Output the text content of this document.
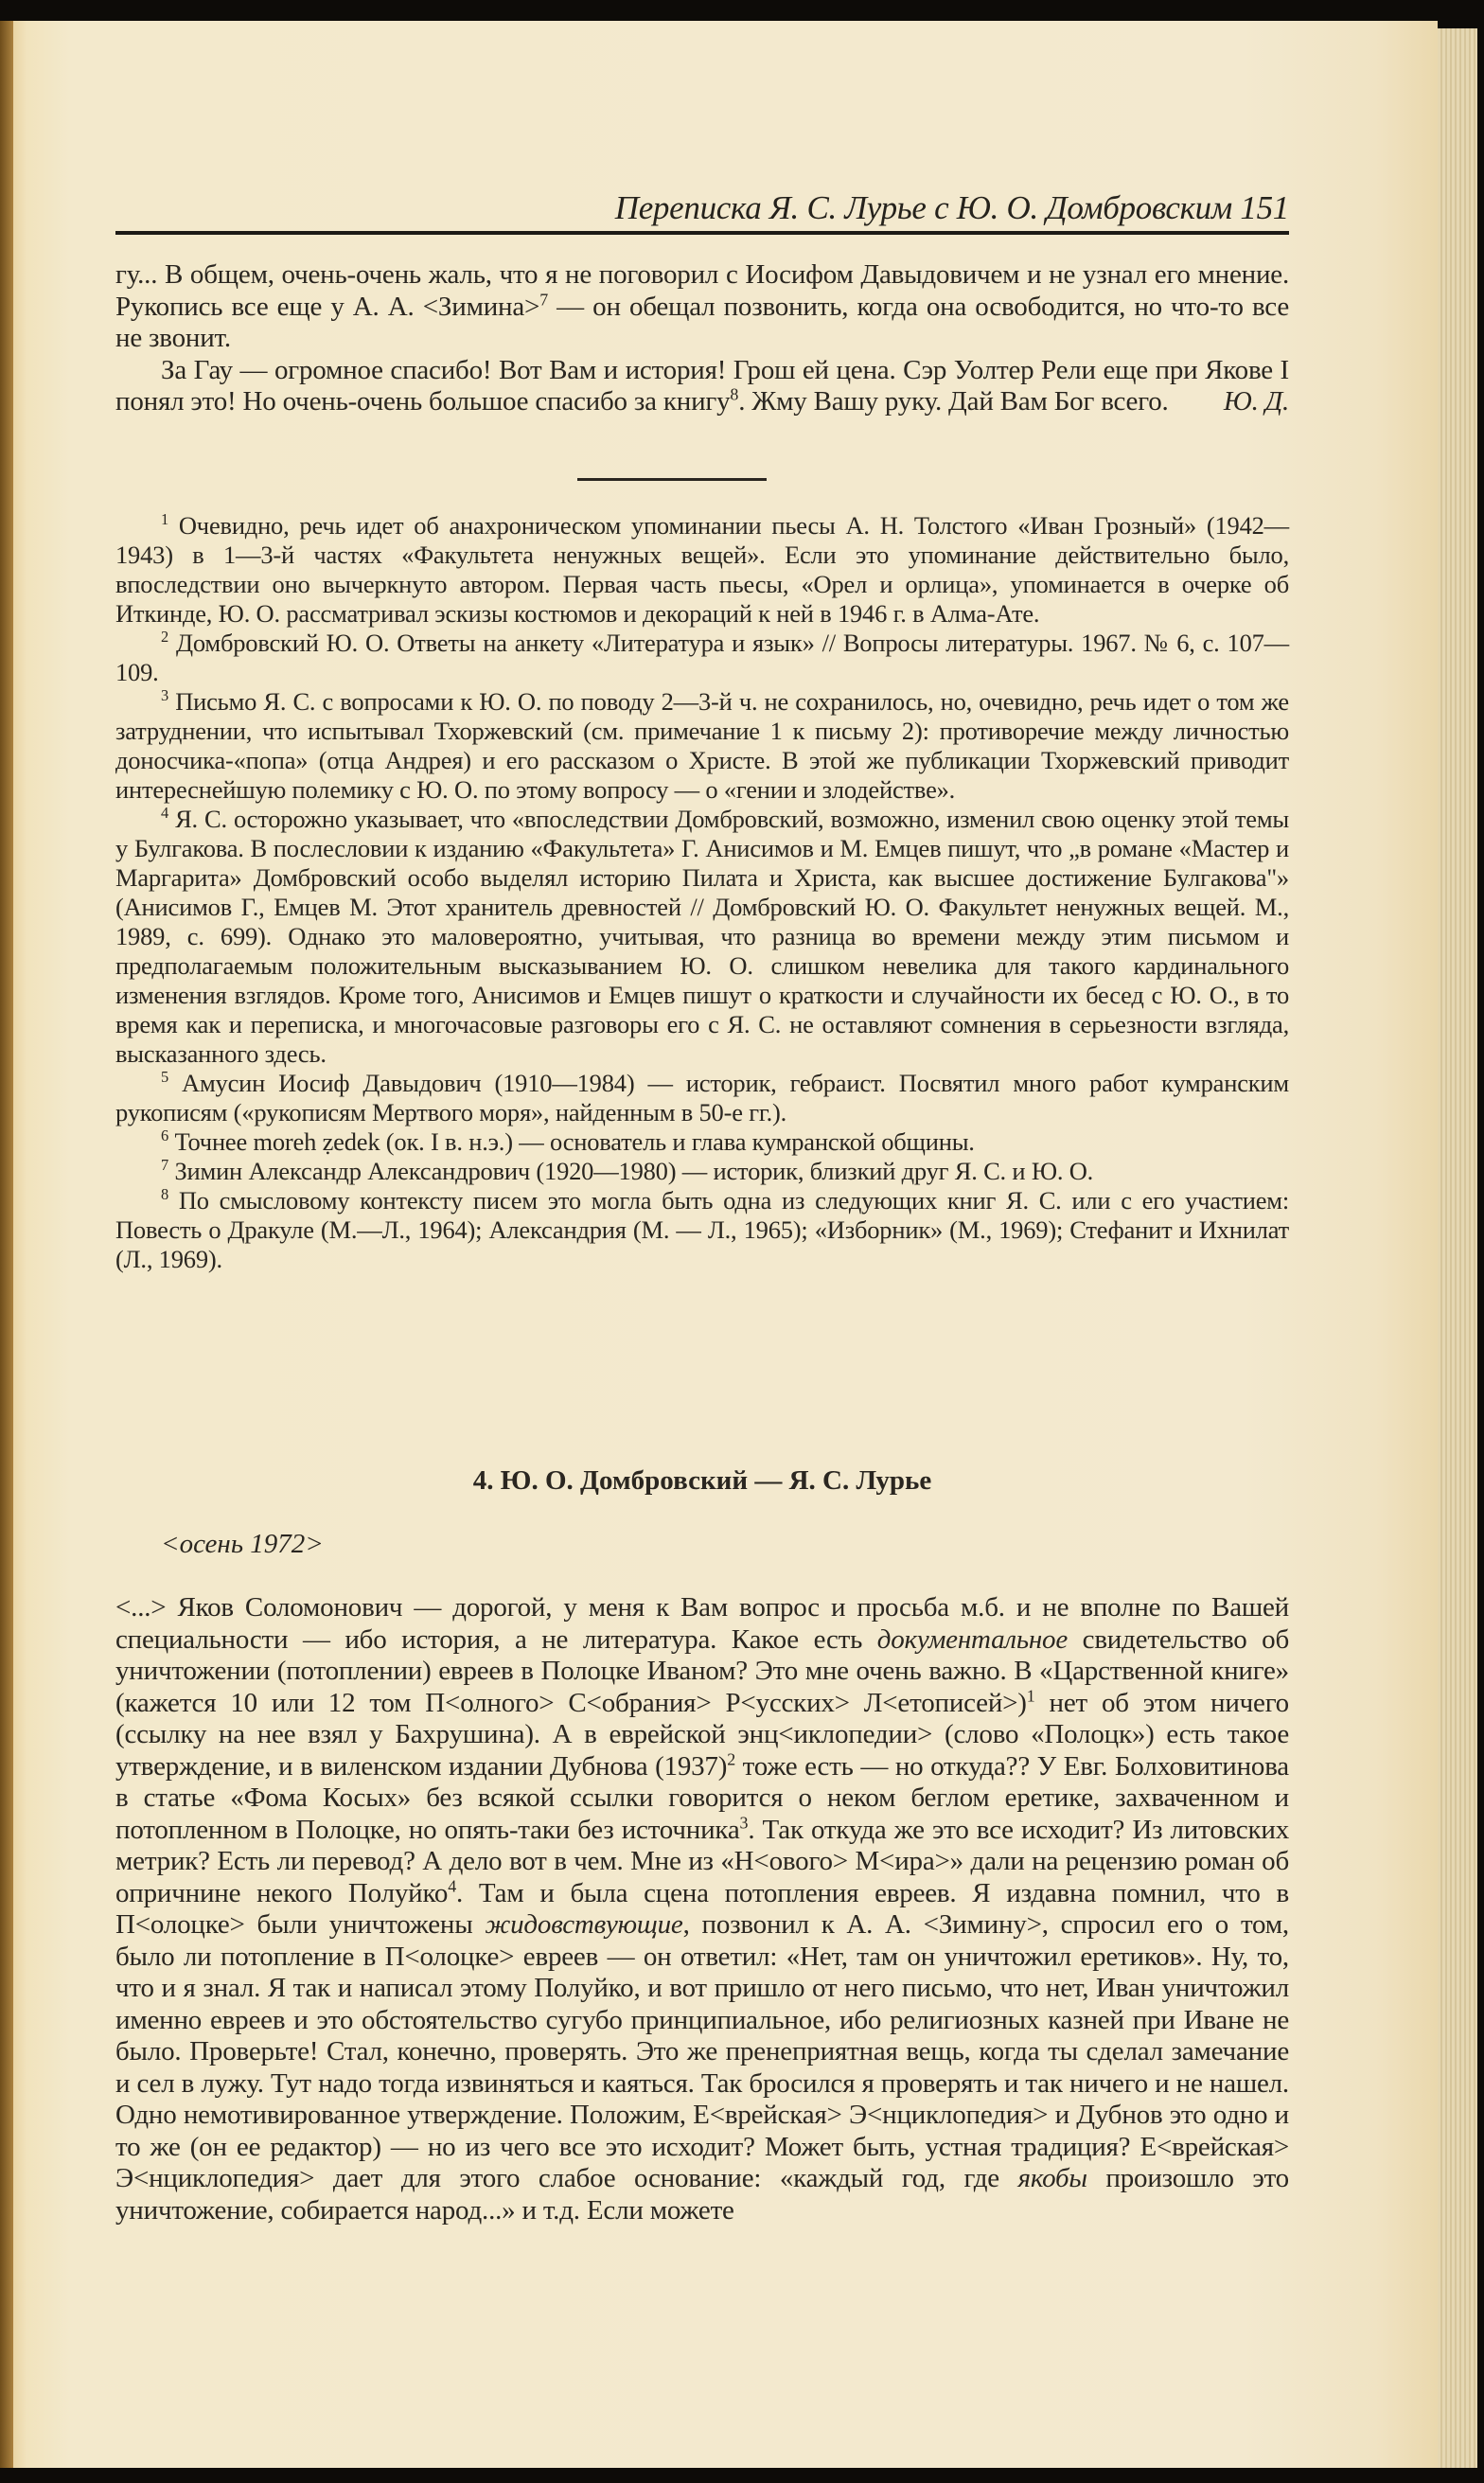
Переписка Я. С. Лурье с Ю. О. Домбровским 151

гу... В общем, очень-очень жаль, что я не поговорил с Иосифом Давыдовичем и не узнал его мнение. Рукопись все еще у А. А. <Зимина>$^7$ — он обещал позвонить, когда она освободится, но что-то все не звонит.

За Гау — огромное спасибо! Вот Вам и история! Грош ей цена. Сэр Уолтер Рели еще при Якове I понял это! Но очень-очень большое спасибо за книгу$^8$. Жму Вашу руку. Дай Вам Бог всего.	Ю. Д.

$^1$ Очевидно, речь идет об анахроническом упоминании пьесы А. Н. Толстого «Иван Грозный» (1942—1943) в 1—3-й частях «Факультета ненужных вещей». Если это упоминание действительно было, впоследствии оно вычеркнуто автором. Первая часть пьесы, «Орел и орлица», упоминается в очерке об Иткинде, Ю. О. рассматривал эскизы костюмов и декораций к ней в 1946 г. в Алма-Ате.

$^2$ Домбровский Ю. О. Ответы на анкету «Литература и язык» // Вопросы литературы. 1967. № 6, с. 107—109.

$^3$ Письмо Я. С. с вопросами к Ю. О. по поводу 2—3-й ч. не сохранилось, но, очевидно, речь идет о том же затруднении, что испытывал Тхоржевский (см. примечание 1 к письму 2): противоречие между личностью доносчика-«попа» (отца Андрея) и его рассказом о Христе. В этой же публикации Тхоржевский приводит интереснейшую полемику с Ю. О. по этому вопросу — о «гении и злодействе».

$^4$ Я. С. осторожно указывает, что «впоследствии Домбровский, возможно, изменил свою оценку этой темы у Булгакова. В послесловии к изданию «Факультета» Г. Анисимов и М. Емцев пишут, что „в романе «Мастер и Маргарита» Домбровский особо выделял историю Пилата и Христа, как высшее достижение Булгакова"» (Анисимов Г., Емцев М. Этот хранитель древностей // Домбровский Ю. О. Факультет ненужных вещей. М., 1989, с. 699). Однако это маловероятно, учитывая, что разница во времени между этим письмом и предполагаемым положительным высказыванием Ю. О. слишком невелика для такого кардинального изменения взглядов. Кроме того, Анисимов и Емцев пишут о краткости и случайности их бесед с Ю. О., в то время как и переписка, и многочасовые разговоры его с Я. С. не оставляют сомнения в серьезности взгляда, высказанного здесь.

$^5$ Амусин Иосиф Давыдович (1910—1984) — историк, гебраист. Посвятил много работ кумранским рукописям («рукописям Мертвого моря», найденным в 50-е гг.).

$^6$ Точнее moreh ẓedek (ок. I в. н.э.) — основатель и глава кумранской общины.

$^7$ Зимин Александр Александрович (1920—1980) — историк, близкий друг Я. С. и Ю. О.

$^8$ По смысловому контексту писем это могла быть одна из следующих книг Я. С. или с его участием: Повесть о Дракуле (М.—Л., 1964); Александрия (М. — Л., 1965); «Изборник» (М., 1969); Стефанит и Ихнилат (Л., 1969).

4. Ю. О. Домбровский — Я. С. Лурье
<осень 1972>

<...> Яков Соломонович — дорогой, у меня к Вам вопрос и просьба м.б. и не вполне по Вашей специальности — ибо история, а не литература. Какое есть документальное свидетельство об уничтожении (потоплении) евреев в Полоцке Иваном? Это мне очень важно. В «Царственной книге» (кажется 10 или 12 том П<олного> С<обрания> Р<усских> Л<етописей>)$^1$ нет об этом ничего (ссылку на нее взял у Бахрушина). А в еврейской энц<иклопедии> (слово «Полоцк») есть такое утверждение, и в виленском издании Дубнова $(1937)^2$ тоже есть — но откуда?? У Евг. Болховитинова в статье «Фома Косых» без всякой ссылки говорится о неком беглом еретике, захваченном и потопленном в Полоцке, но опять-таки без источника$^3$. Так откуда же это все исходит? Из литовских метрик? Есть ли перевод? А дело вот в чем. Мне из «Н<ового> М<ира>» дали на рецензию роман об опричнине некого Полуйко$^4$. Там и была сцена потопления евреев. Я издавна помнил, что в П<олоцке> были уничтожены жидовствующие, позвонил к А. А. <Зимину>, спросил его о том, было ли потопление в П<олоцке> евреев — он ответил: «Нет, там он уничтожил еретиков». Ну, то, что и я знал. Я так и написал этому Полуйко, и вот пришло от него письмо, что нет, Иван уничтожил именно евреев и это обстоятельство сугубо принципиальное, ибо религиозных казней при Иване не было. Проверьте! Стал, конечно, проверять. Это же пренеприятная вещь, когда ты сделал замечание и сел в лужу. Тут надо тогда извиняться и каяться. Так бросился я проверять и так ничего и не нашел. Одно немотивированное утверждение. Положим, Е<врейская> Э<нциклопедия> и Дубнов это одно и то же (он ее редактор) — но из чего все это исходит? Может быть, устная традиция? Е<врейская> Э<нциклопедия> дает для этого слабое основание: «каждый год, где якобы произошло это уничтожение, собирается народ...» и т.д. Если можете
